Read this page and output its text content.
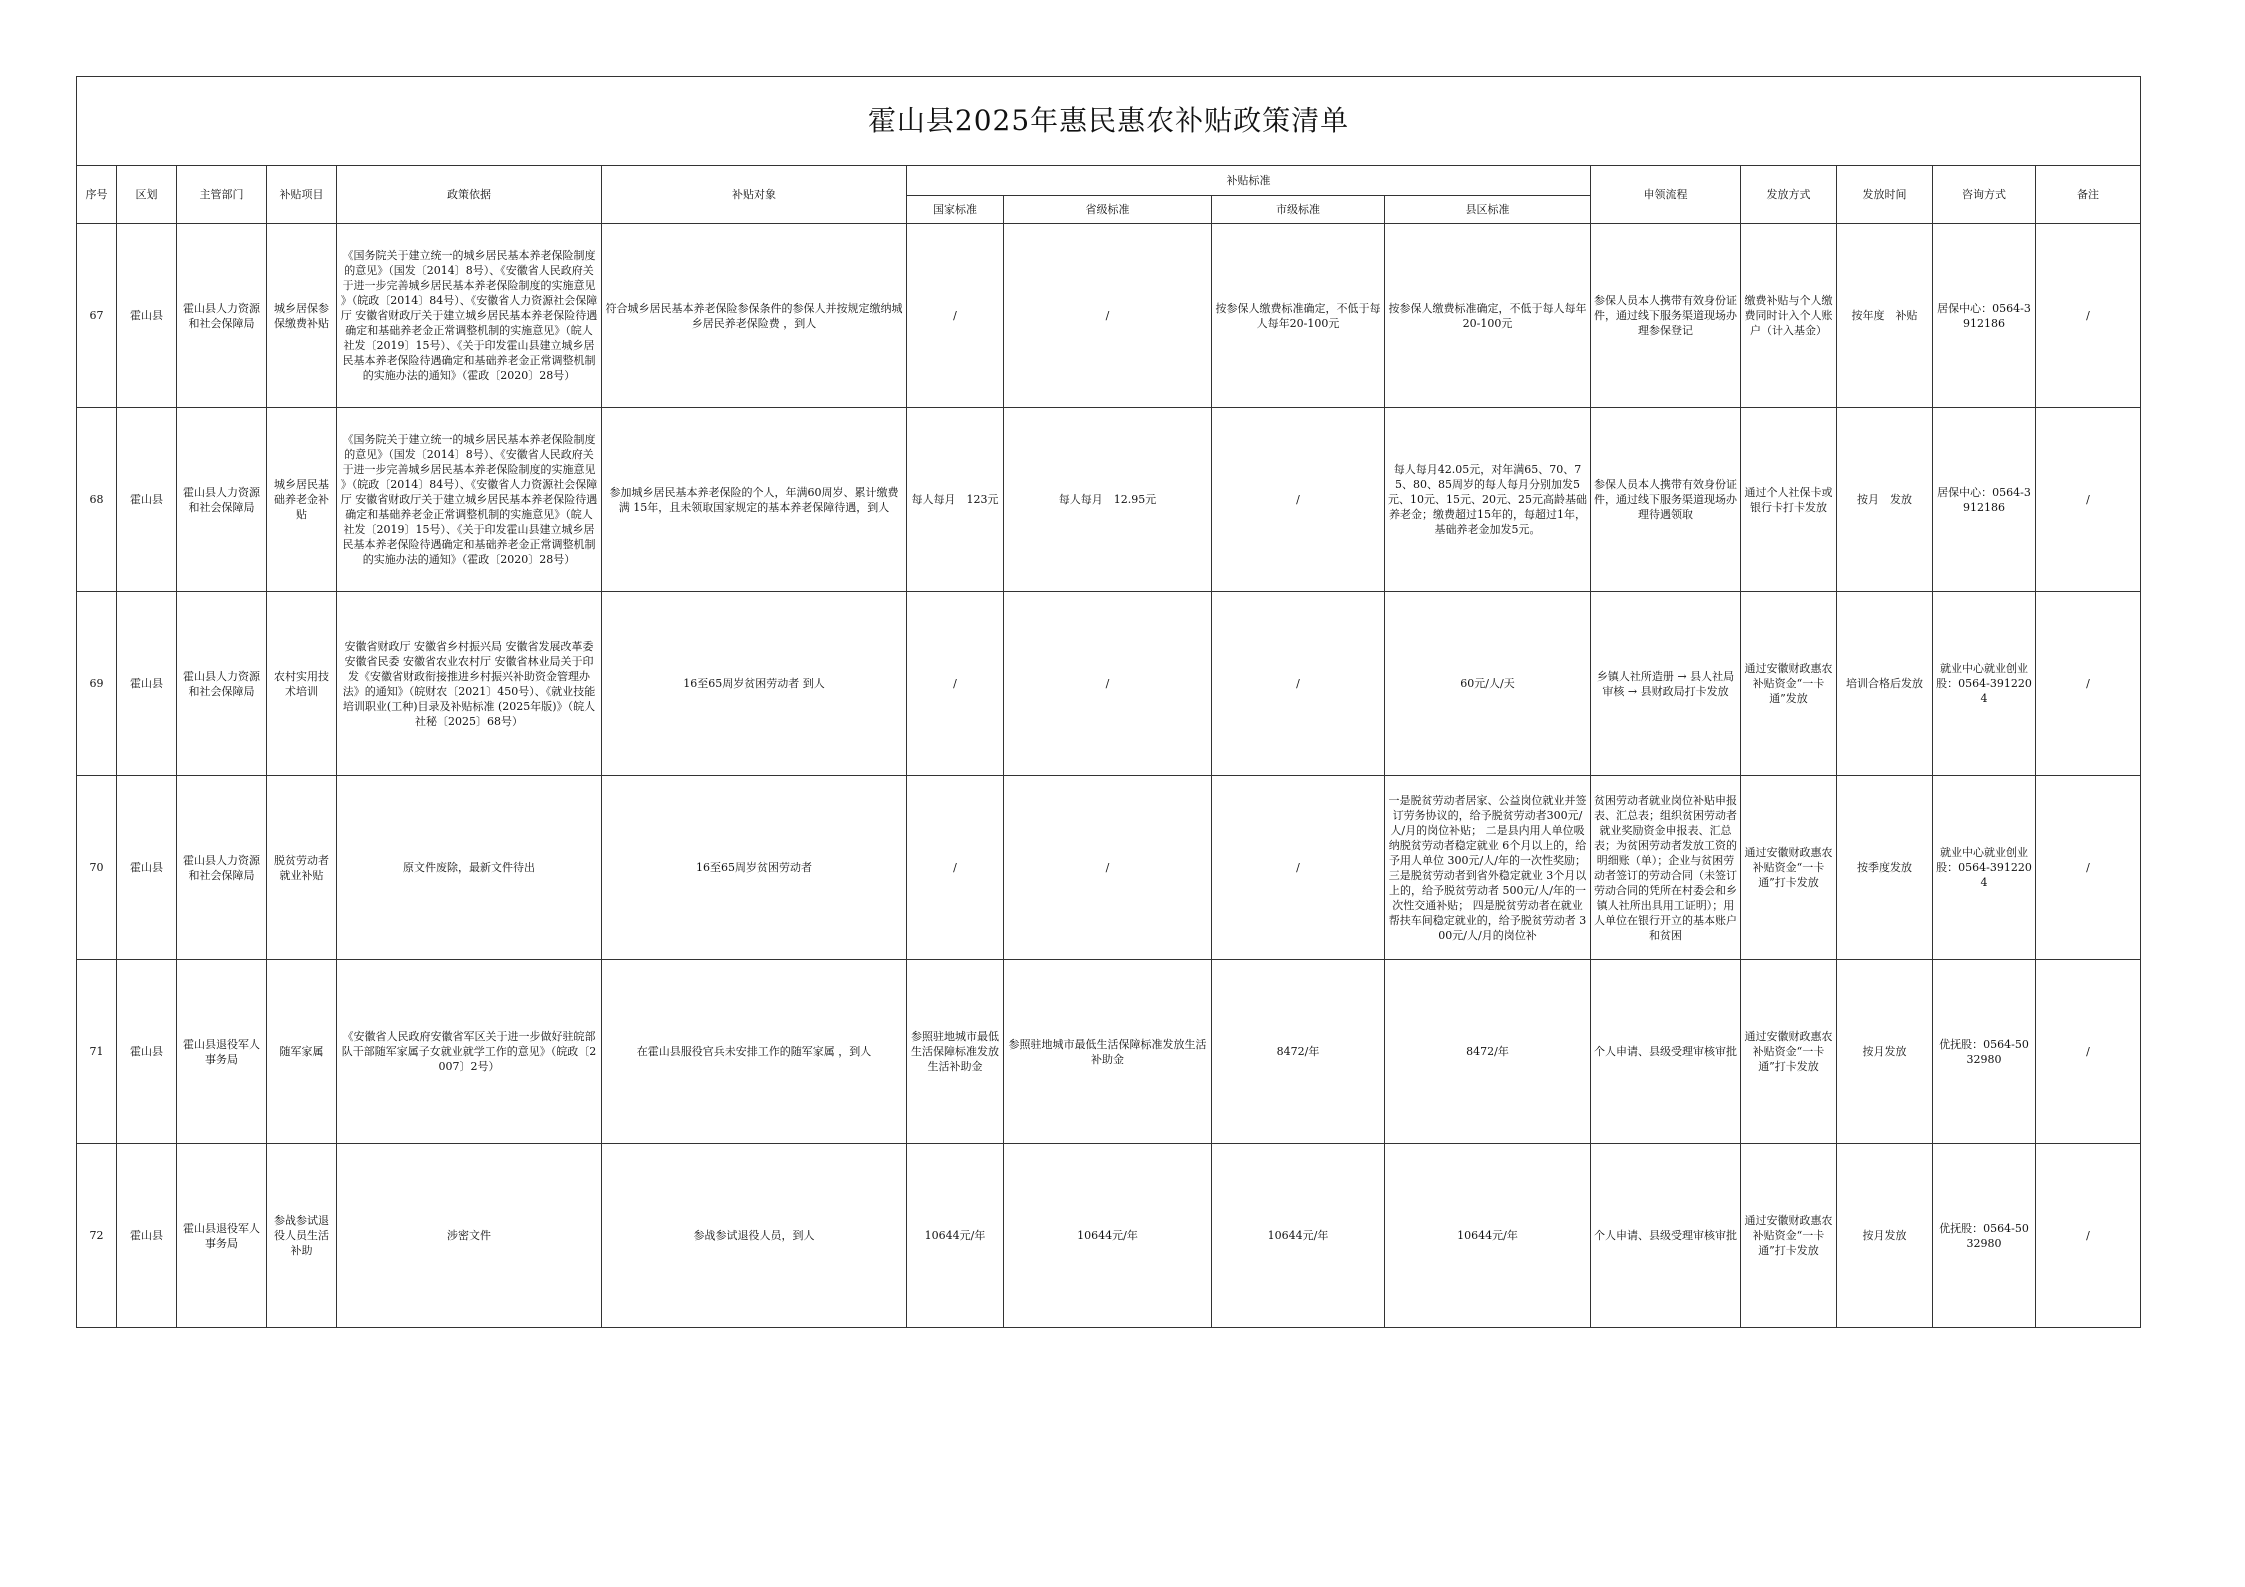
霍山县2025年惠民惠农补贴政策清单														
序号	区划	主管部门	补贴项目	政策依据	补贴对象	补贴标准				申领流程	发放方式	发放时间	咨询方式	备注
						国家标准	省级标准	市级标准	县区标准					
67	霍山县	霍山县人力资源和社会保障局	城乡居保参保缴费补贴	《国务院关于建立统一的城乡居民基本养老保险制度的意见》（国发〔2014〕8号）、《安徽省人民政府关于进一步完善城乡居民基本养老保险制度的实施意见 》（皖政〔2014〕84号）、《安徽省人力资源社会保障厅 安徽省财政厅关于建立城乡居民基本养老保险待遇确定和基础养老金正常调整机制的实施意见》（皖人社发〔2019〕15号）、《关于印发霍山县建立城乡居民基本养老保险待遇确定和基础养老金正常调整机制的实施办法的通知》（霍政〔2020〕28号）	符合城乡居民基本养老保险参保条件的参保人并按规定缴纳城乡居民养老保险费 ，到人	/	/	按参保人缴费标准确定，不低于每人每年20-100元	按参保人缴费标准确定，不低于每人每年20-100元	参保人员本人携带有效身份证件，通过线下服务渠道现场办理参保登记	缴费补贴与个人缴费同时计入个人账户（计入基金）	按年度　补贴	居保中心：0564-3912186	/
68	霍山县	霍山县人力资源和社会保障局	城乡居民基础养老金补贴	《国务院关于建立统一的城乡居民基本养老保险制度的意见》（国发〔2014〕8号）、《安徽省人民政府关于进一步完善城乡居民基本养老保险制度的实施意见 》（皖政〔2014〕84号）、《安徽省人力资源社会保障厅 安徽省财政厅关于建立城乡居民基本养老保险待遇确定和基础养老金正常调整机制的实施意见》（皖人社发〔2019〕15号）、《关于印发霍山县建立城乡居民基本养老保险待遇确定和基础养老金正常调整机制的实施办法的通知》（霍政〔2020〕28号）	参加城乡居民基本养老保险的个人，年满60周岁、累计缴费满 15年，且未领取国家规定的基本养老保障待遇，到人	每人每月　123元	每人每月　12.95元	/	每人每月42.05元，对年满65、70、75、80、85周岁的每人每月分别加发5元、10元、15元、20元、25元高龄基础养老金；缴费超过15年的，每超过1年，基础养老金加发5元。	参保人员本人携带有效身份证件，通过线下服务渠道现场办理待遇领取	通过个人社保卡或银行卡打卡发放	按月　发放	居保中心：0564-3912186	/
69	霍山县	霍山县人力资源和社会保障局	农村实用技术培训	安徽省财政厅 安徽省乡村振兴局 安徽省发展改革委 安徽省民委 安徽省农业农村厅 安徽省林业局关于印发《安徽省财政衔接推进乡村振兴补助资金管理办法》的通知》（皖财农〔2021〕450号）、《就业技能培训职业(工种)目录及补贴标准 (2025年版)》（皖人社秘〔2025〕68号）	16至65周岁贫困劳动者 到人	/	/	/	60元/人/天	乡镇人社所造册 → 县人社局审核 → 县财政局打卡发放	通过安徽财政惠农补贴资金“一卡通”发放	培训合格后发放	就业中心就业创业股：0564-3912204	/
70	霍山县	霍山县人力资源和社会保障局	脱贫劳动者就业补贴	原文件废除，最新文件待出	16至65周岁贫困劳动者	/	/	/	一是脱贫劳动者居家、公益岗位就业并签订劳务协议的，给予脱贫劳动者300元/人/月的岗位补贴； 二是县内用人单位吸纳脱贫劳动者稳定就业 6个月以上的，给予用人单位 300元/人/年的一次性奖励； 三是脱贫劳动者到省外稳定就业 3个月以上的，给予脱贫劳动者 500元/人/年的一次性交通补贴； 四是脱贫劳动者在就业帮扶车间稳定就业的，给予脱贫劳动者 300元/人/月的岗位补	贫困劳动者就业岗位补贴申报表、汇总表；组织贫困劳动者就业奖励资金申报表、汇总表；为贫困劳动者发放工资的明细账（单）；企业与贫困劳动者签订的劳动合同（未签订劳动合同的凭所在村委会和乡镇人社所出具用工证明）；用人单位在银行开立的基本账户和贫困	通过安徽财政惠农补贴资金“一卡通”打卡发放	按季度发放	就业中心就业创业股：0564-3912204	/
71	霍山县	霍山县退役军人事务局	随军家属	《安徽省人民政府安徽省军区关于进一步做好驻皖部队干部随军家属子女就业就学工作的意见》（皖政〔2007〕2号）	在霍山县服役官兵未安排工作的随军家属 ，到人	参照驻地城市最低生活保障标准发放生活补助金	参照驻地城市最低生活保障标准发放生活补助金	8472/年	8472/年	个人申请、县级受理审核审批	通过安徽财政惠农补贴资金“一卡通”打卡发放	按月发放	优抚股：0564-5032980	/
72	霍山县	霍山县退役军人事务局	参战参试退役人员生活补助	涉密文件	参战参试退役人员，到人	10644元/年	10644元/年	10644元/年	10644元/年	个人申请、县级受理审核审批	通过安徽财政惠农补贴资金“一卡通”打卡发放	按月发放	优抚股：0564-5032980	/
